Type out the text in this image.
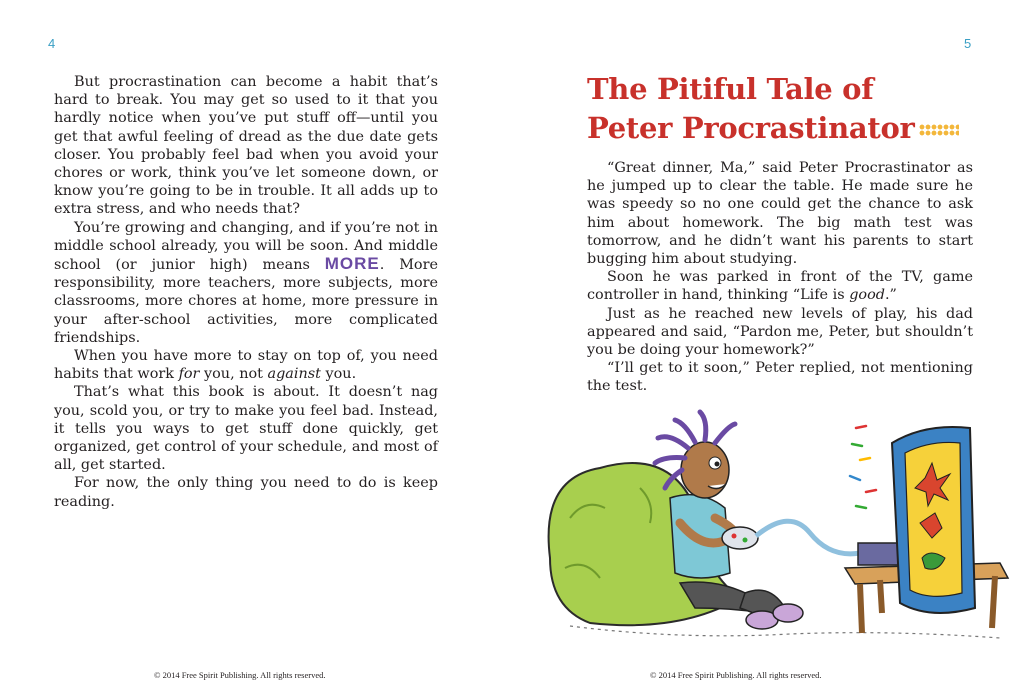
4

But procrastination can become a habit that’s hard to break. You may get so used to it that you hardly notice when you’ve put stuff off—until you get that awful feeling of dread as the due date gets closer. You probably feel bad when you avoid your chores or work, think you’ve let someone down, or know you’re going to be in trouble. It all adds up to extra stress, and who needs that?

You’re growing and changing, and if you’re not in middle school already, you will be soon. And middle school (or junior high) means MORE. More responsibility, more teachers, more subjects, more classrooms, more chores at home, more pressure in your after-school activities, more complicated friendships.

When you have more to stay on top of, you need habits that work for you, not against you.

That’s what this book is about. It doesn’t nag you, scold you, or try to make you feel bad. Instead, it tells you ways to get stuff done quickly, get organized, get control of your schedule, and most of all, get started.

For now, the only thing you need to do is keep reading.

© 2014 Free Spirit Publishing. All rights reserved.
5
The Pitiful Tale of
Peter Procrastinator

“Great dinner, Ma,” said Peter Procrastinator as he jumped up to clear the table. He made sure he was speedy so no one could get the chance to ask him about homework. The big math test was tomorrow, and he didn’t want his parents to start bugging him about studying.

Soon he was parked in front of the TV, game controller in hand, thinking “Life is good.”

Just as he reached new levels of play, his dad appeared and said, “Pardon me, Peter, but shouldn’t you be doing your homework?”

“I’ll get to it soon,” Peter replied, not mentioning the test.

© 2014 Free Spirit Publishing. All rights reserved.
